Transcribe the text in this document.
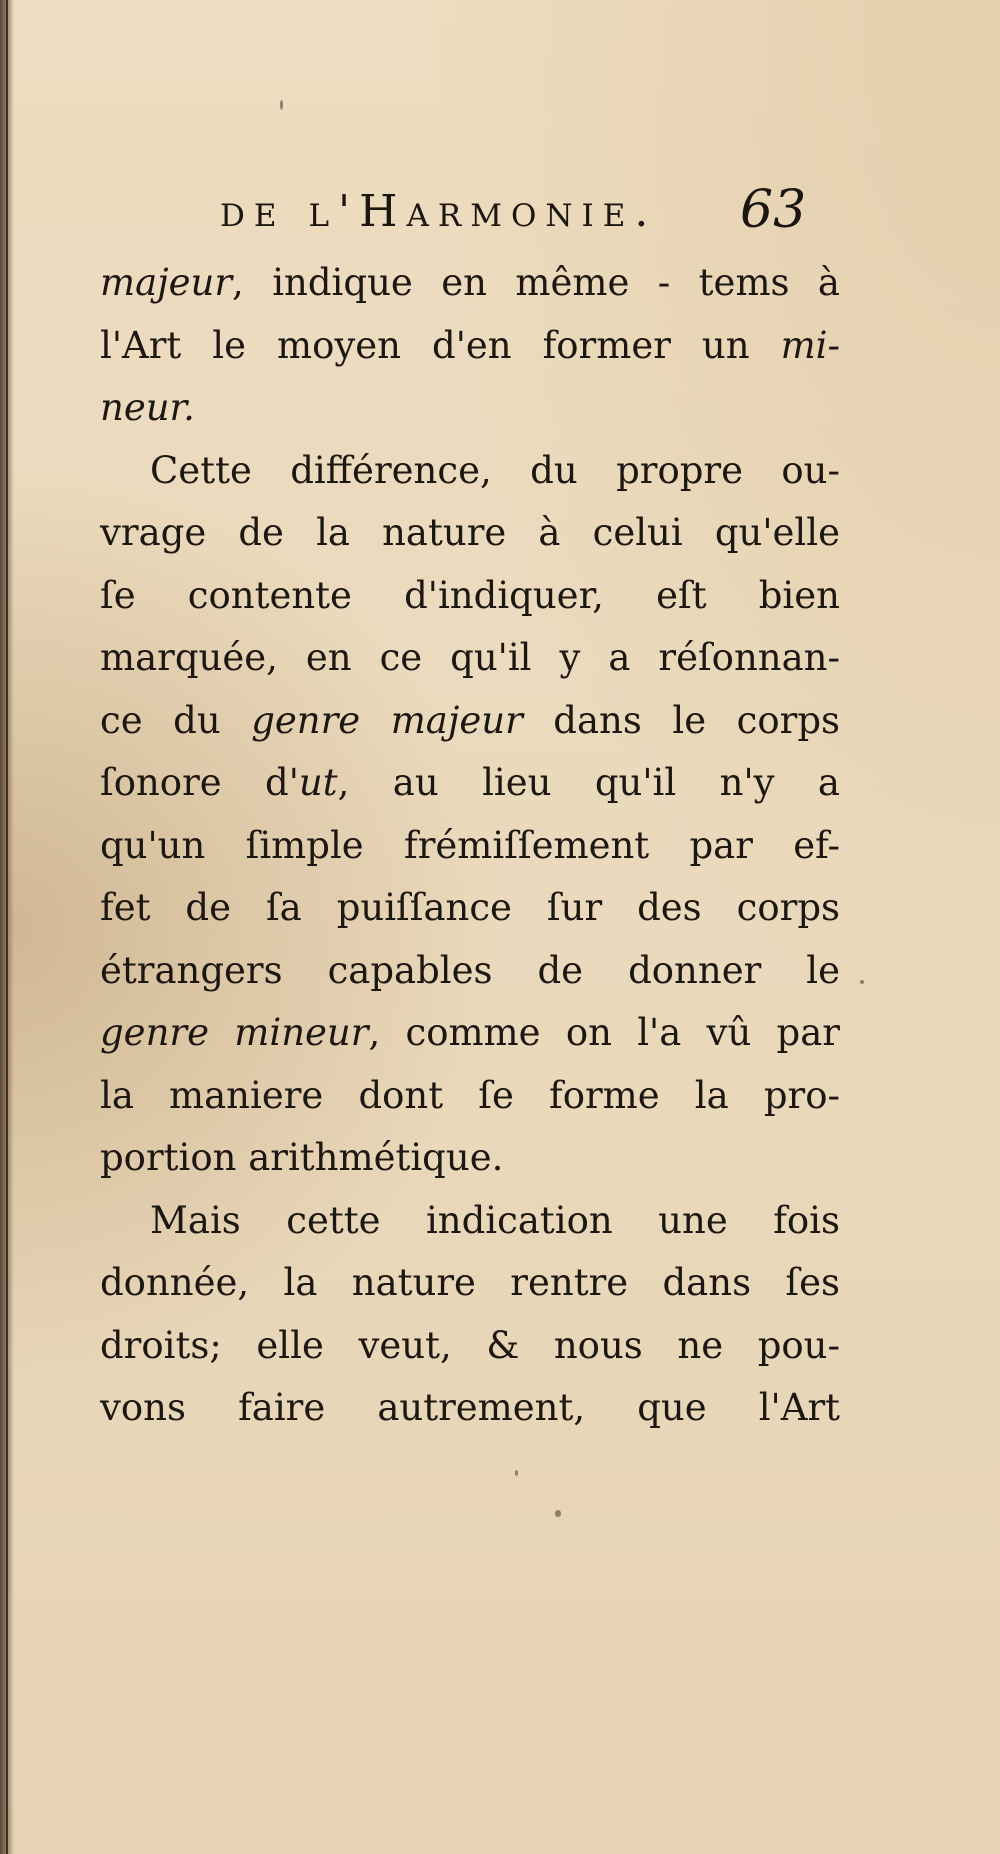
de l'Harmonie. 63
majeur, indique en même - tems à
l'Art le moyen d'en former un mi-
neur.
Cette différence, du propre ou-
vrage de la nature à celui qu'elle
ſe contente d'indiquer, eſt bien
marquée, en ce qu'il y a réſonnan-
ce du genre majeur dans le corps
ſonore d'ut, au lieu qu'il n'y a
qu'un ſimple frémiſſement par ef-
fet de ſa puiſſance ſur des corps
étrangers capables de donner le
genre mineur, comme on l'a vû par
la maniere dont ſe forme la pro-
portion arithmétique.
Mais cette indication une fois
donnée, la nature rentre dans ſes
droits; elle veut, & nous ne pou-
vons faire autrement, que l'Art
